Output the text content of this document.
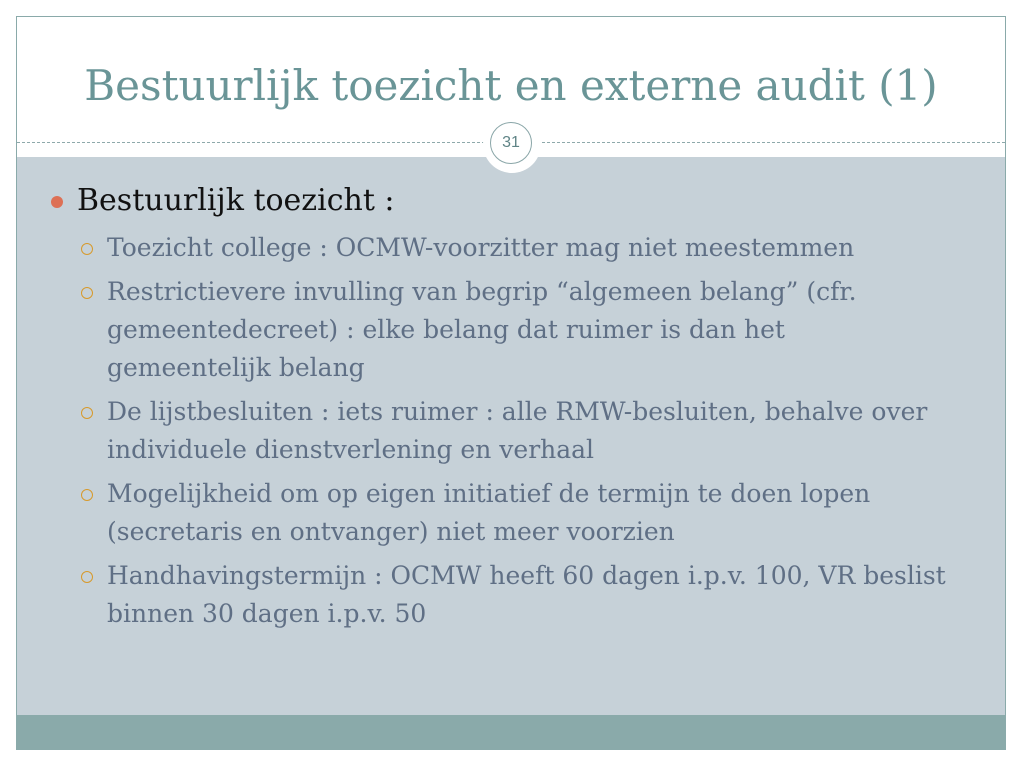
Bestuurlijk toezicht en externe audit (1)
31
Bestuurlijk toezicht :
Toezicht college : OCMW-voorzitter mag niet meestemmen
Restrictievere invulling van begrip “algemeen belang” (cfr. gemeentedecreet) : elke belang dat ruimer is dan het gemeentelijk belang
De lijstbesluiten : iets ruimer : alle RMW-besluiten, behalve over individuele dienstverlening en verhaal
Mogelijkheid om op eigen initiatief de termijn te doen lopen (secretaris en ontvanger) niet meer voorzien
Handhavingstermijn : OCMW heeft 60 dagen i.p.v. 100, VR beslist binnen 30 dagen i.p.v. 50
